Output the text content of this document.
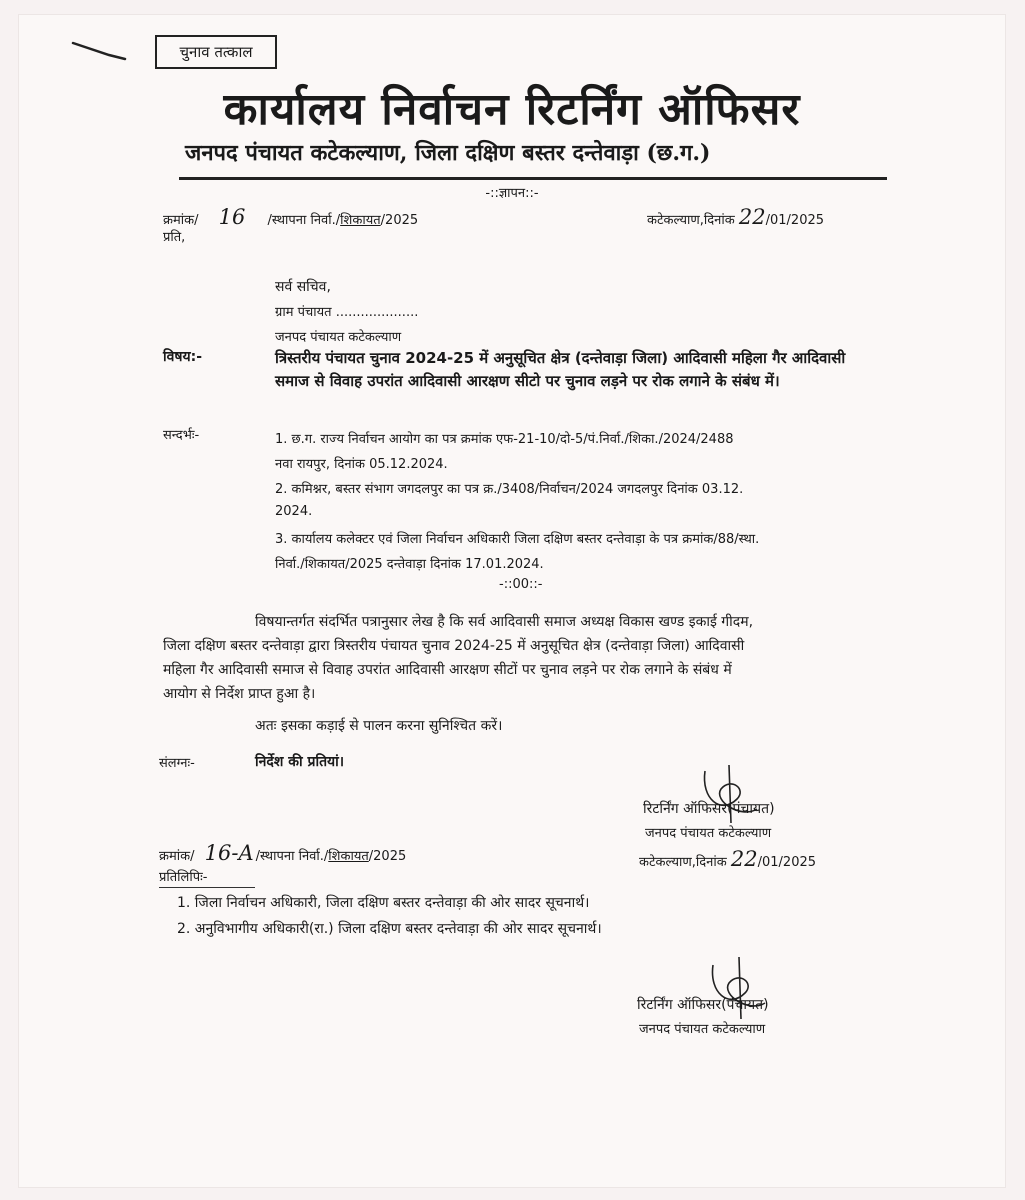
चुनाव तत्काल
कार्यालय निर्वाचन रिटर्निंग ऑफिसर
जनपद पंचायत कटेकल्याण, जिला दक्षिण बस्तर दन्तेवाड़ा (छ.ग.)
-::ज्ञापन::-
क्रमांक/ 16 /स्थापना निर्वा./शिकायत/2025	कटेकल्याण,दिनांक 22/01/2025
प्रति,
सर्व सचिव,
ग्राम पंचायत ....................
जनपद पंचायत कटेकल्याण
विषय:-	त्रिस्तरीय पंचायत चुनाव 2024-25 में अनुसूचित क्षेत्र (दन्तेवाड़ा जिला) आदिवासी महिला गैर आदिवासी
समाज से विवाह उपरांत आदिवासी आरक्षण सीटो पर चुनाव लड़ने पर रोक लगाने के संबंध में।
सन्दर्भः-	1. छ.ग. राज्य निर्वाचन आयोग का पत्र क्रमांक एफ-21-10/दो-5/पं.निर्वा./शिका./2024/2488
नवा रायपुर, दिनांक 05.12.2024.
2. कमिश्नर, बस्तर संभाग जगदलपुर का पत्र क्र./3408/निर्वाचन/2024 जगदलपुर दिनांक 03.12.
2024.
3. कार्यालय कलेक्टर एवं जिला निर्वाचन अधिकारी जिला दक्षिण बस्तर दन्तेवाड़ा के पत्र क्रमांक/88/स्था.
निर्वा./शिकायत/2025 दन्तेवाड़ा दिनांक 17.01.2024.
-::00::-
विषयान्तर्गत संदर्भित पत्रानुसार लेख है कि सर्व आदिवासी समाज अध्यक्ष विकास खण्ड इकाई गीदम,
जिला दक्षिण बस्तर दन्तेवाड़ा द्वारा त्रिस्तरीय पंचायत चुनाव 2024-25 में अनुसूचित क्षेत्र (दन्तेवाड़ा जिला) आदिवासी
महिला गैर आदिवासी समाज से विवाह उपरांत आदिवासी आरक्षण सीटों पर चुनाव लड़ने पर रोक लगाने के संबंध में
आयोग से निर्देश प्राप्त हुआ है।
अतः इसका कड़ाई से पालन करना सुनिश्चित करें।
संलग्नः-	निर्देश की प्रतियां।
रिटर्निंग ऑफिसर(पंचायत)
जनपद पंचायत कटेकल्याण
कटेकल्याण,दिनांक 22/01/2025
क्रमांक/ 16-A /स्थापना निर्वा./शिकायत/2025
प्रतिलिपिः-
1. जिला निर्वाचन अधिकारी, जिला दक्षिण बस्तर दन्तेवाड़ा की ओर सादर सूचनार्थ।
2. अनुविभागीय अधिकारी(रा.) जिला दक्षिण बस्तर दन्तेवाड़ा की ओर सादर सूचनार्थ।
रिटर्निंग ऑफिसर(पंचायत)
जनपद पंचायत कटेकल्याण
